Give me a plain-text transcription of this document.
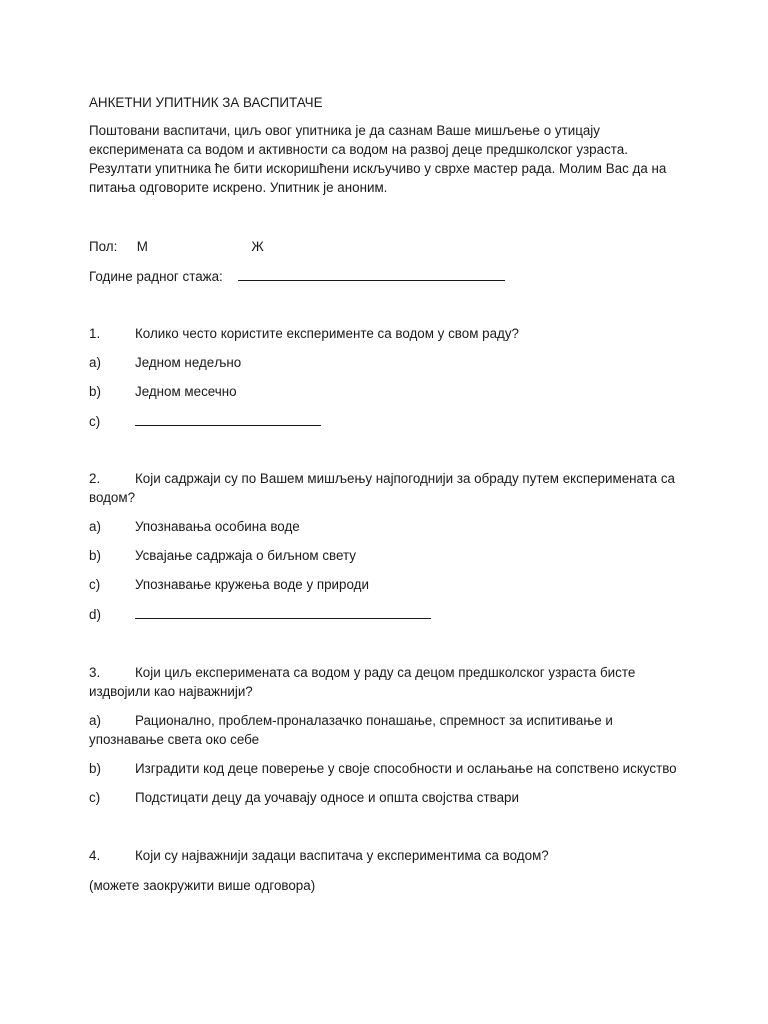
АНКЕТНИ УПИТНИК ЗА ВАСПИТАЧЕ
Поштовани васпитачи, циљ овог упитника је да сазнам Ваше мишљење о утицају експеримената са водом и активности са водом на развој деце предшколског узраста. Резултати упитника ће бити искоришћени искључиво у сврхе мастер рада. Молим Вас да на питања одговорите искрено. Упитник је аноним.
Пол: М	Ж
Године радног стажа:
1.	Колико често користите експерименте са водом у свом раду?
a)	Једном недељно
b)	Једном месечно
c)
2.	Који садржаји су по Вашем мишљењу најпогоднији за обраду путем експеримената са водом?
a)	Упознавања особина воде
b)	Усвајање садржаја о биљном свету
c)	Упознавање кружења воде у природи
d)
3.	Који циљ експеримената са водом у раду са децом предшколског узраста бисте издвојили као најважнији?
a)	Рационално, проблем-проналазачко понашање, спремност за испитивање и упознавање света око себе
b)	Изградити код деце поверење у своје способности и ослањање на сопствено искуство
c)	Подстицати децу да уочавају односе и општа својства ствари
4.	Који су најважнији задаци васпитача у експериментима са водом?
(можете заокружити више одговора)
